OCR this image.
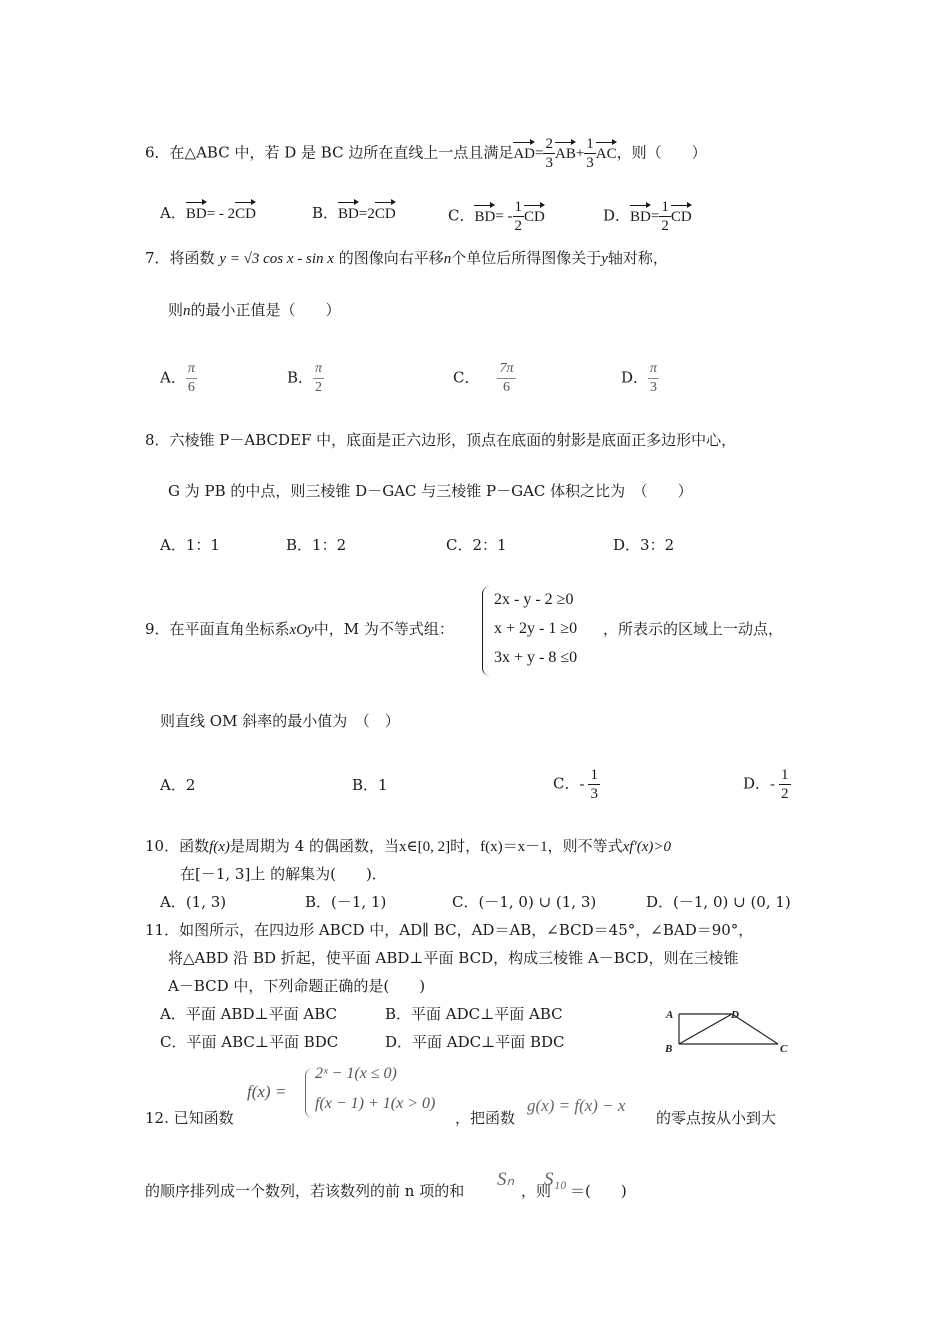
6．在△ABC 中，若 D 是 BC 边所在直线上一点且满足$AD= \frac{2}{3} AB+ \frac{1}{3}$ AC，则（　　）
A．BD= - 2CD	B．BD=2CD	C．$BD= - \frac{1}{2}$ CD	D．$BD= \frac{1}{2}$ CD
7．将函数 y = √3 cos x - sin x 的图像向右平移n个单位后所得图像关于y轴对称，
则n的最小正值是（　　）
A． $\frac{\pi}{6}$	B． $\frac{\pi}{2}$	C． $\frac{7\pi}{6}$	D． $\frac{\pi}{3}$
8．六棱锥 P－ABCDEF 中，底面是正六边形，顶点在底面的射影是底面正多边形中心，
G 为 PB 的中点，则三棱锥 D－GAC 与三棱锥 P－GAC 体积之比为　（　　）
A．1：1	B．1：2	C．2：1	D．3：2
9．在平面直角坐标系xOy中，M 为不等式组：
2x - y - 2 ≥0
x + 2y - 1 ≥0
3x + y - 8 ≤0
，所表示的区域上一动点，
则直线 OM 斜率的最小值为　（　）
A．2	B．1	C．- $\frac{1}{3}$	D．- $\frac{1}{2}$
10．函数f(x)是周期为 4 的偶函数，当x∈[0, 2]时，f(x)＝x－1，则不等式xf′(x)>0
在[－1, 3]上 的解集为(　　)．
A．(1, 3)	B．(－1, 1)	C．(－1, 0) ∪ (1, 3)	D．(－1, 0) ∪ (0, 1)
11．如图所示，在四边形 ABCD 中，AD∥ BC，AD＝AB，∠BCD＝45°，∠BAD＝90°，
将△ABD 沿 BD 折起，使平面 ABD⊥平面 BCD，构成三棱锥 A－BCD，则在三棱锥
A－BCD 中，下列命题正确的是(　　)
A．平面 ABD⊥平面 ABC	B．平面 ADC⊥平面 ABC
C．平面 ABC⊥平面 BDC	D．平面 ADC⊥平面 BDC
A	D
B	C
12. 已知函数
f(x) =
2ˣ − 1(x ≤ 0)
f(x − 1) + 1(x > 0)
，把函数
g(x) = f(x) − x
的零点按从小到大
的顺序排列成一个数列，若该数列的前 n 项的和
Sₙ
，则
S₁₀
＝(　　)
